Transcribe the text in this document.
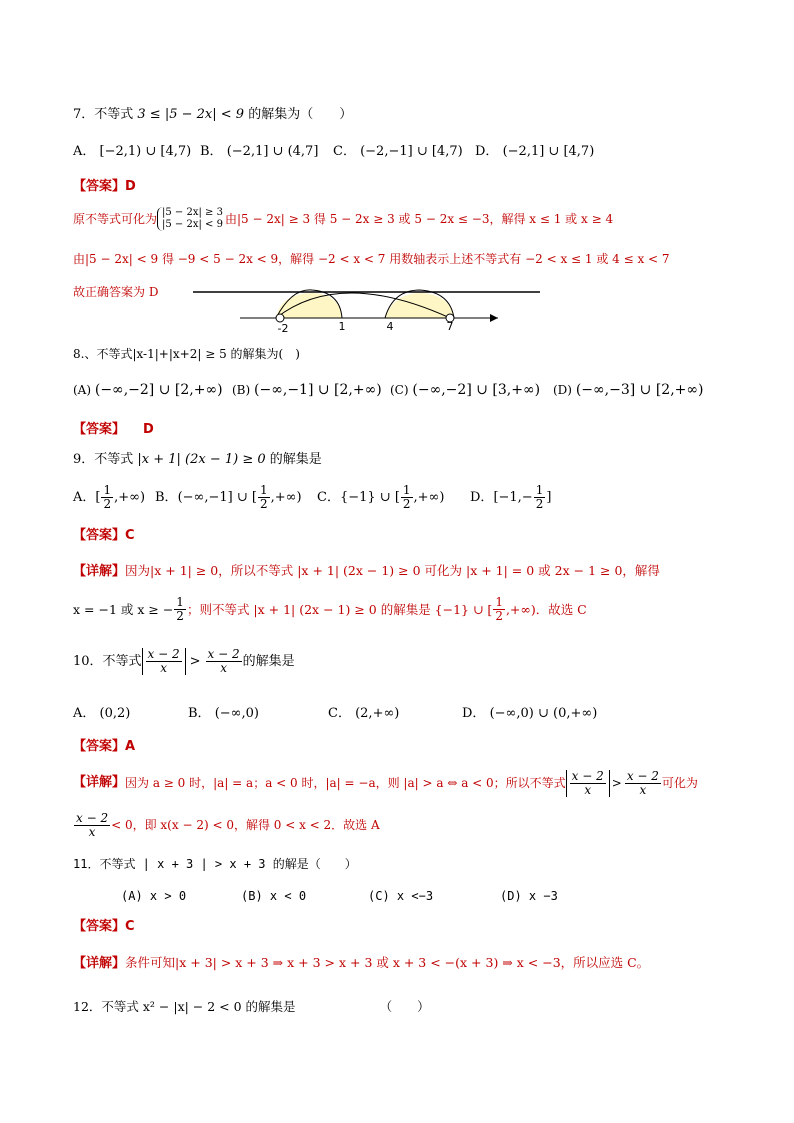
7．不等式 3 ≤ |5 − 2x| < 9 的解集为（　　）
A． [−2,1) ∪ [4,7) B． (−2,1] ∪ (4,7] C． (−2,−1] ∪ [4,7) D． (−2,1] ∪ [4,7)
【答案】D
原不等式可化为 |5 − 2x| ≥ 3
|5 − 2x| < 9 由|5 − 2x| ≥ 3 得 5 − 2x ≥ 3 或 5 − 2x ≤ −3，解得 x ≤ 1 或 x ≥ 4
由|5 − 2x| < 9 得 −9 < 5 − 2x < 9，解得 −2 < x < 7 用数轴表示上述不等式有 −2 < x ≤ 1 或 4 ≤ x < 7
故正确答案为 D
-2	1	4	7
8.、不等式|x-1|+|x+2| ≥ 5 的解集为(　)
(A) (−∞,−2] ∪ [2,+∞) (B) (−∞,−1] ∪ [2,+∞) (C) (−∞,−2] ∪ [3,+∞) (D) (−∞,−3] ∪ [2,+∞)
【答案】 D
9．不等式 |x + 1| (2x − 1) ≥ 0 的解集是
A． [ $\frac{1}{2}$ ,+∞) B． (−∞,−1] ∪ [ $\frac{1}{2}$ ,+∞) C． {−1} ∪ [ $\frac{1}{2}$ ,+∞) D． [$-1,- \frac{1}{2}$ ]
【答案】C
【详解】因为|x + 1| ≥ 0，所以不等式 |x + 1| (2x − 1) ≥ 0 可化为 |x + 1| = 0 或 2x − 1 ≥ 0，解得
x = −1 或 x ≥ − $\frac{1}{2}$ ；则不等式 |x + 1| (2x − 1) ≥ 0 的解集是 {−1} ∪ [ $\frac{1}{2}$ ,+∞)．故选 C
10．不等式 $\frac{x - 2}{x} > \frac{x - 2}{x}$ 的解集是
A． (0,2)	B． (−∞,0)	C． (2,+∞)	D． (−∞,0) ∪ (0,+∞)
【答案】A
【详解】 因为 a ≥ 0 时，|a| = a；a < 0 时，|a| = −a，则 |a| > a ⇔ a < 0；所以不等式 $\frac{x - 2}{x} > \frac{x - 2}{x}$ 可化为
$\frac{x - 2}{x} < 0$，即 x(x − 2) < 0，解得 0 < x < 2．故选 A
11．不等式 | x + 3 | > x + 3 的解是（　　）
(A) x > 0	(B) x < 0	(C) x <−3	(D) x −3
【答案】C
【详解】条件可知|x + 3| > x + 3 ⇒ x + 3 > x + 3 或 x + 3 < −(x + 3) ⇒ x < −3，所以应选 C。
12．不等式 x² − |x| − 2 < 0 的解集是	（　　）
